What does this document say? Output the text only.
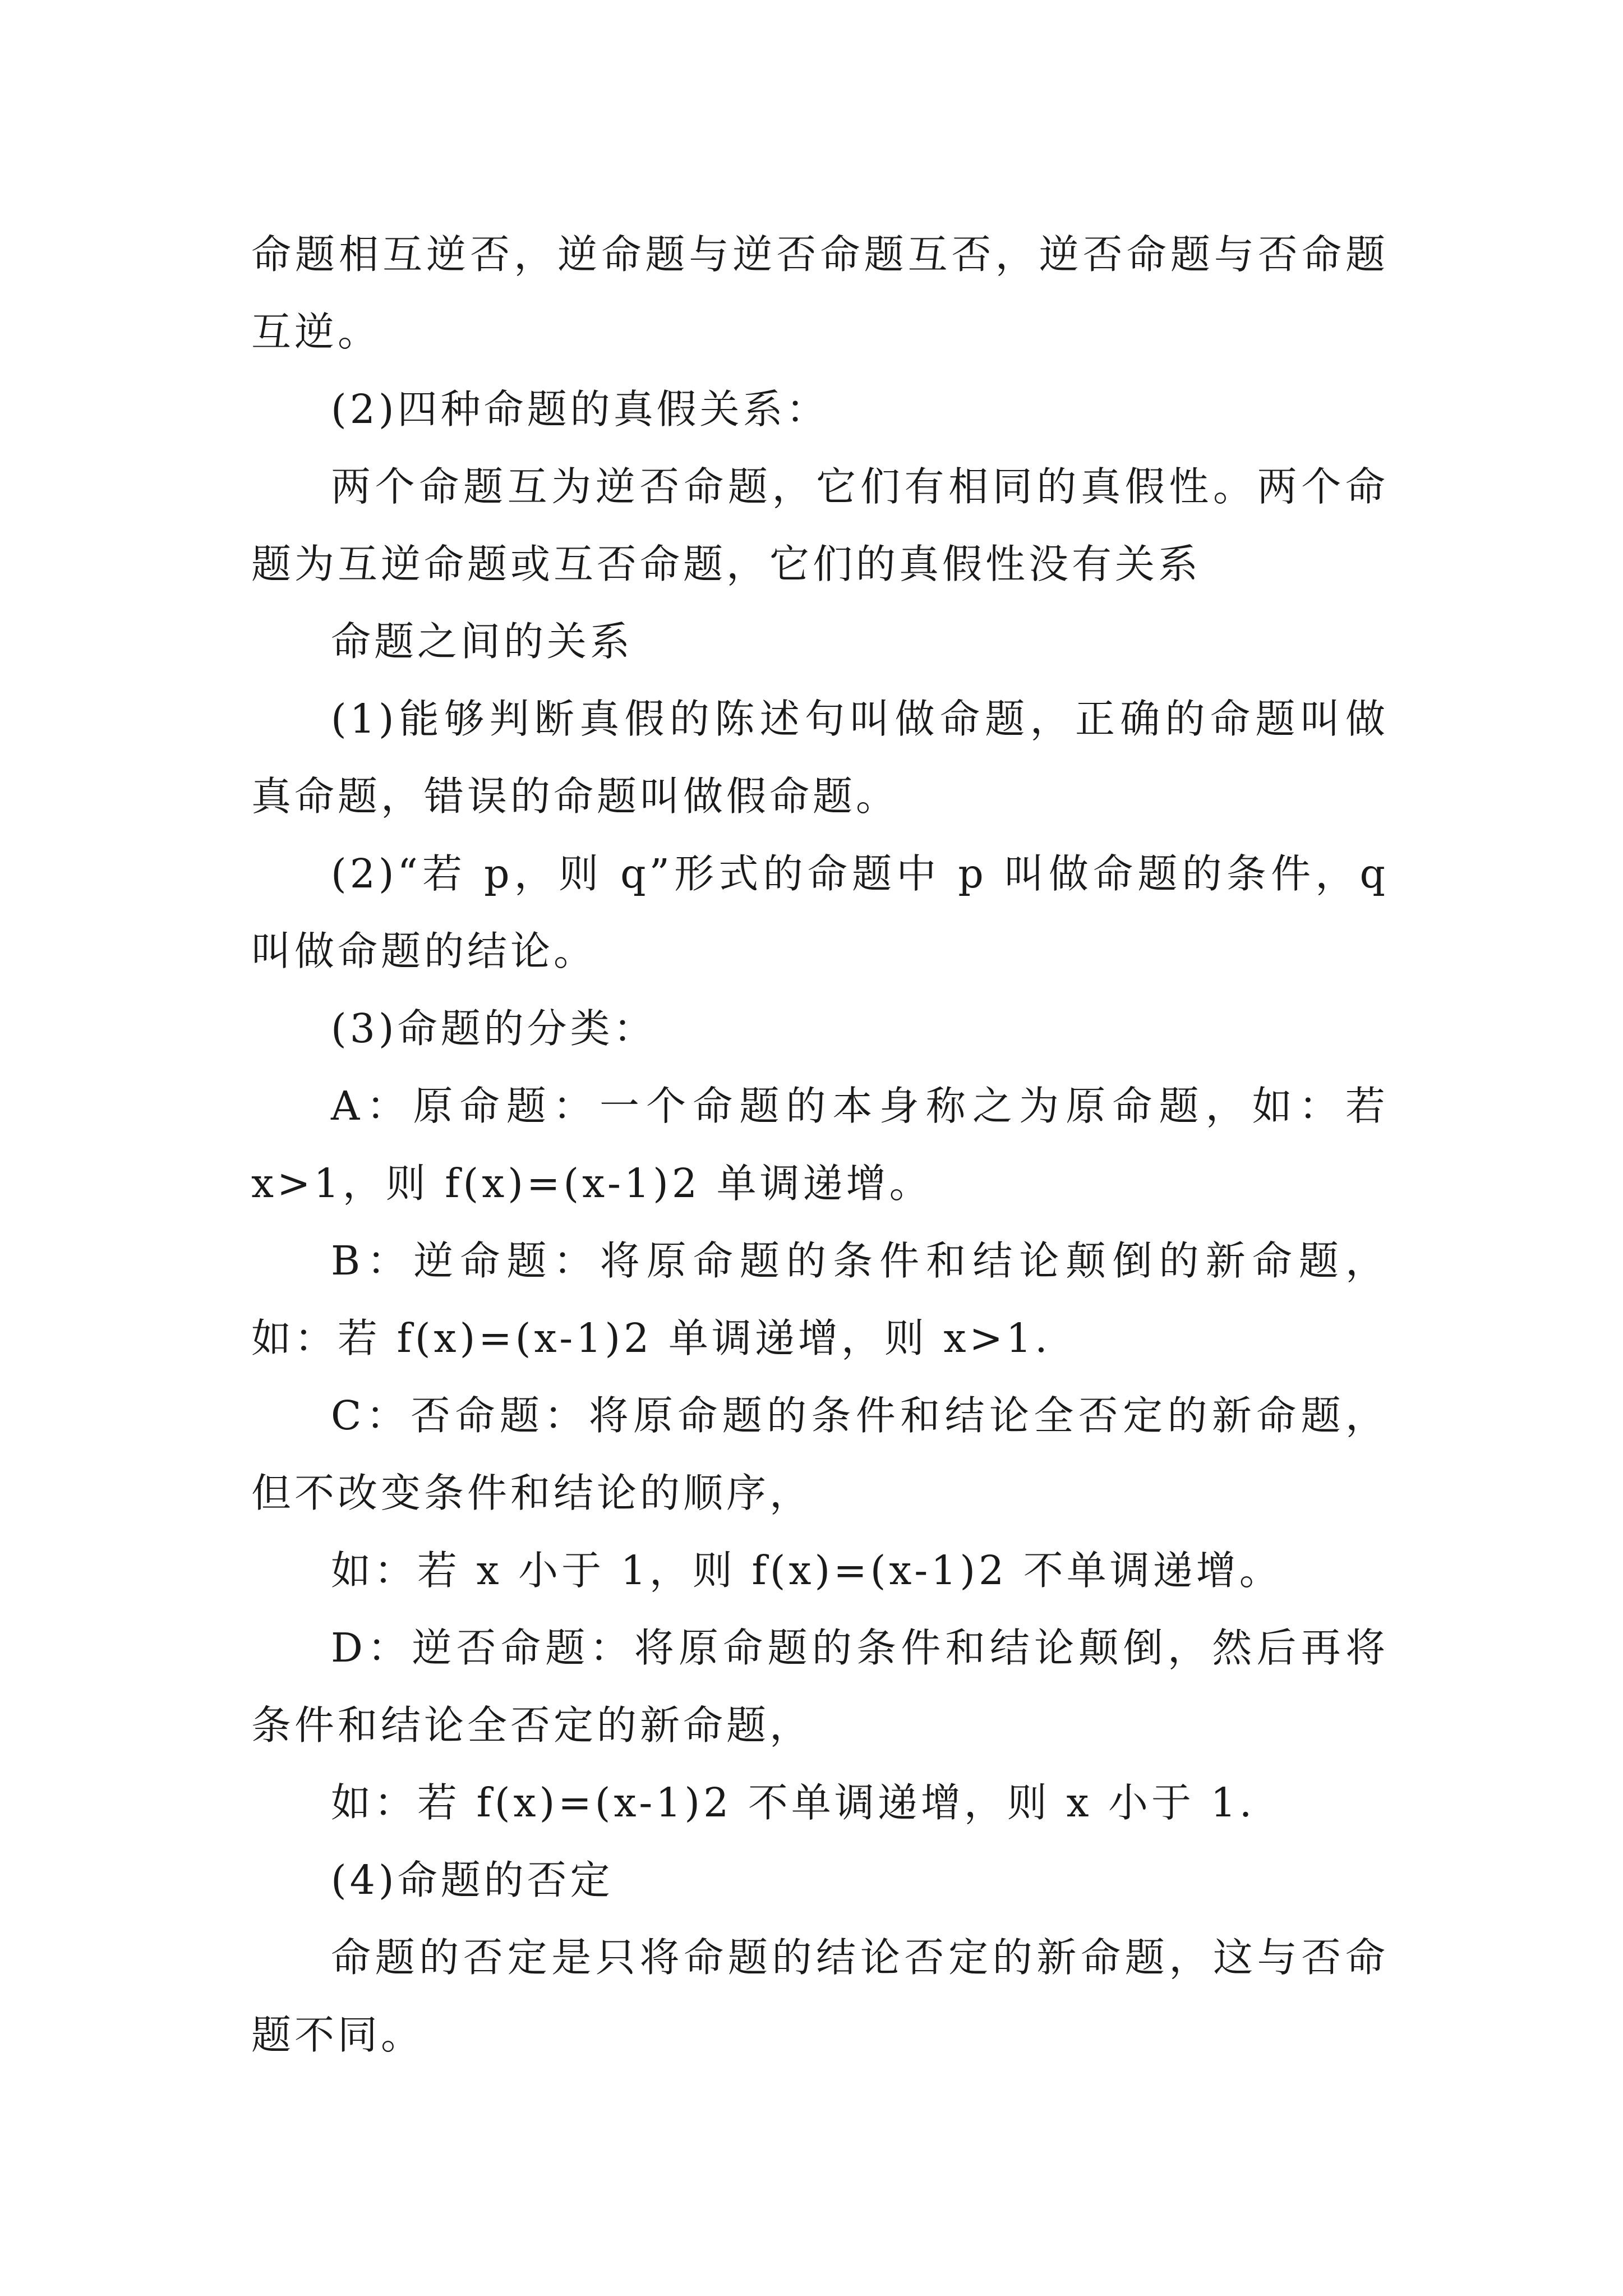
命题相互逆否，逆命题与逆否命题互否，逆否命题与否命题互逆。

(2)四种命题的真假关系：

两个命题互为逆否命题，它们有相同的真假性。两个命题为互逆命题或互否命题，它们的真假性没有关系

命题之间的关系

(1)能够判断真假的陈述句叫做命题，正确的命题叫做真命题，错误的命题叫做假命题。

(2)“若 p，则 q”形式的命题中 p 叫做命题的条件，q 叫做命题的结论。

(3)命题的分类：

A：原命题：一个命题的本身称之为原命题，如：若 x>1，则 f(x)=(x-1)2 单调递增。

B：逆命题：将原命题的条件和结论颠倒的新命题，如：若 f(x)=(x-1)2 单调递增，则 x>1.

C：否命题：将原命题的条件和结论全否定的新命题，但不改变条件和结论的顺序，

如：若 x 小于 1，则 f(x)=(x-1)2 不单调递增。

D：逆否命题：将原命题的条件和结论颠倒，然后再将条件和结论全否定的新命题，

如：若 f(x)=(x-1)2 不单调递增，则 x 小于 1.

(4)命题的否定

命题的否定是只将命题的结论否定的新命题，这与否命题不同。
